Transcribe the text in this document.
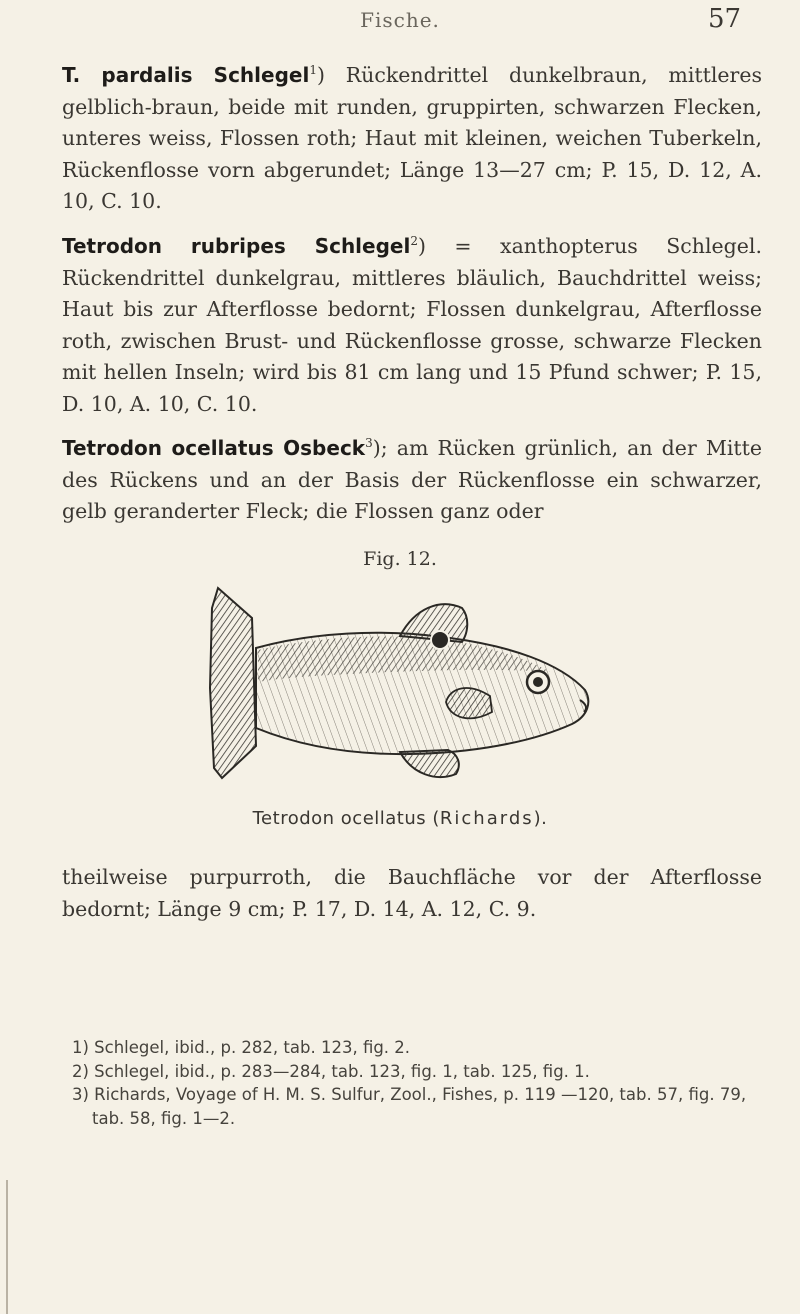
Fische.	57

T. pardalis Schlegel$^1$) Rückendrittel dunkelbraun, mittleres gelblich-braun, beide mit runden, gruppirten, schwarzen Flecken, unteres weiss, Flossen roth; Haut mit kleinen, weichen Tuberkeln, Rückenflosse vorn abgerundet; Länge 13—27 cm; P. 15, D. 12, A. 10, C. 10.

Tetrodon rubripes Schlegel$^2$) = xanthopterus Schlegel. Rückendrittel dunkelgrau, mittleres bläulich, Bauchdrittel weiss; Haut bis zur Afterflosse bedornt; Flossen dunkelgrau, Afterflosse roth, zwischen Brust- und Rückenflosse grosse, schwarze Flecken mit hellen Inseln; wird bis 81 cm lang und 15 Pfund schwer; P. 15, D. 10, A. 10, C. 10.

Tetrodon ocellatus Osbeck$^3$); am Rücken grünlich, an der Mitte des Rückens und an der Basis der Rückenflosse ein schwarzer, gelb geranderter Fleck; die Flossen ganz oder

Fig. 12.
Tetrodon ocellatus (Richards).

theilweise purpurroth, die Bauchfläche vor der Afterflosse bedornt; Länge 9 cm; P. 17, D. 14, A. 12, C. 9.

1) Schlegel, ibid., p. 282, tab. 123, fig. 2.

2) Schlegel, ibid., p. 283—284, tab. 123, fig. 1, tab. 125, fig. 1.

3) Richards, Voyage of H. M. S. Sulfur, Zool., Fishes, p. 119 —120, tab. 57, fig. 79, tab. 58, fig. 1—2.
